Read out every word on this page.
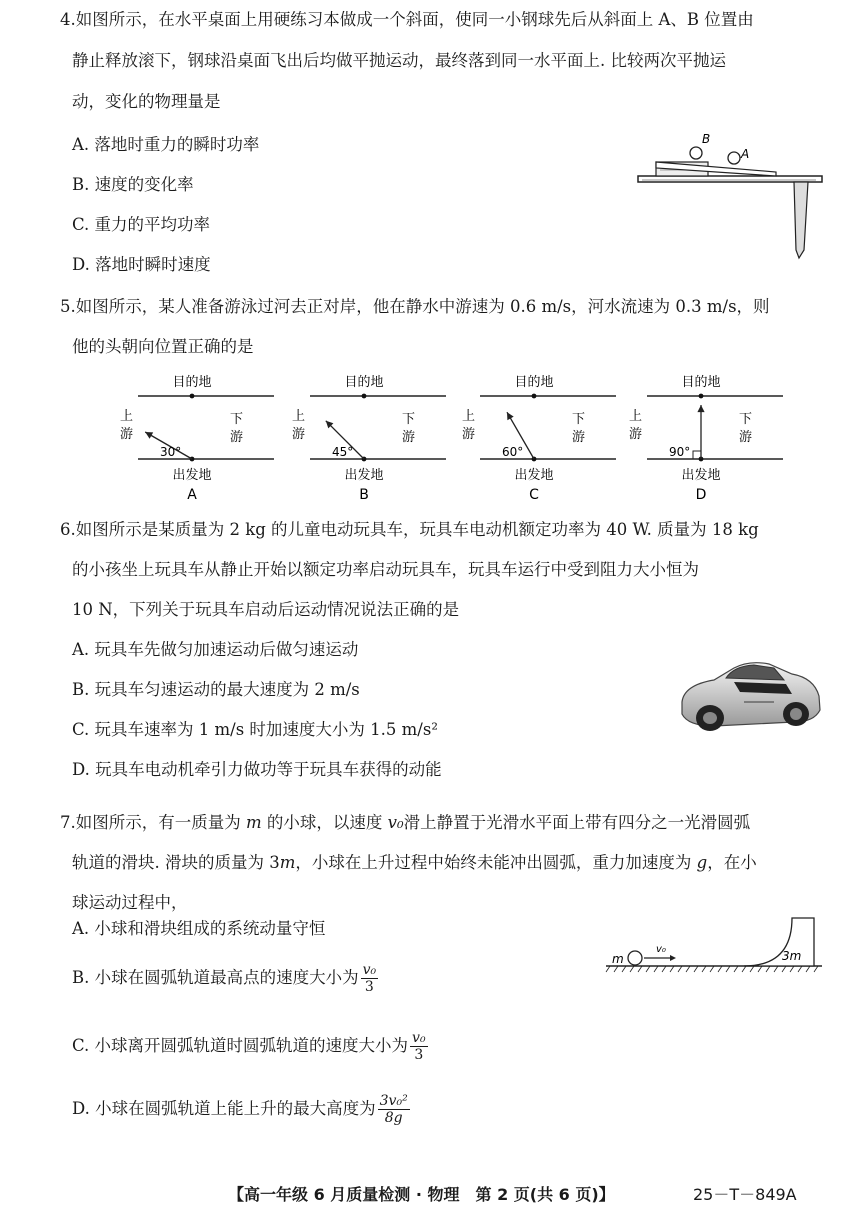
4.如图所示，在水平桌面上用硬练习本做成一个斜面，使同一小钢球先后从斜面上 A、B 位置由
静止释放滚下，钢球沿桌面飞出后均做平抛运动，最终落到同一水平面上. 比较两次平抛运
动，变化的物理量是
A. 落地时重力的瞬时功率
B. 速度的变化率
C. 重力的平均功率
D. 落地时瞬时速度
B
A
5.如图所示，某人准备游泳过河去正对岸，他在静水中游速为 0.6 m/s，河水流速为 0.3 m/s，则
他的头朝向位置正确的是
目的地
出发地
上
游
下
游
A
30°
目的地
出发地
上
游
下
游
B
45°
目的地
出发地
上
游
下
游
C
60°
目的地
出发地
上
游
下
游
D
90°
6.如图所示是某质量为 2 kg 的儿童电动玩具车，玩具车电动机额定功率为 40 W. 质量为 18 kg
的小孩坐上玩具车从静止开始以额定功率启动玩具车，玩具车运行中受到阻力大小恒为
10 N，下列关于玩具车启动后运动情况说法正确的是
A. 玩具车先做匀加速运动后做匀速运动
B. 玩具车匀速运动的最大速度为 2 m/s
C. 玩具车速率为 1 m/s 时加速度大小为 1.5 m/s²
D. 玩具车电动机牵引力做功等于玩具车获得的动能
7.如图所示，有一质量为 m 的小球，以速度 v₀滑上静置于光滑水平面上带有四分之一光滑圆弧
轨道的滑块. 滑块的质量为 3m，小球在上升过程中始终未能冲出圆弧，重力加速度为 g，在小
球运动过程中，
A. 小球和滑块组成的系统动量守恒
B. 小球在圆弧轨道最高点的速度大小为 $\frac{\text{v₀}}{3}$
C. 小球离开圆弧轨道时圆弧轨道的速度大小为 $\frac{\text{v₀}}{3}$
D. 小球在圆弧轨道上能上升的最大高度为 $\frac{\text{3v₀²}}{8g}$
m
v₀	3m
【高一年级 6 月质量检测 · 物理　第 2 页(共 6 页)】	25－T－849A
